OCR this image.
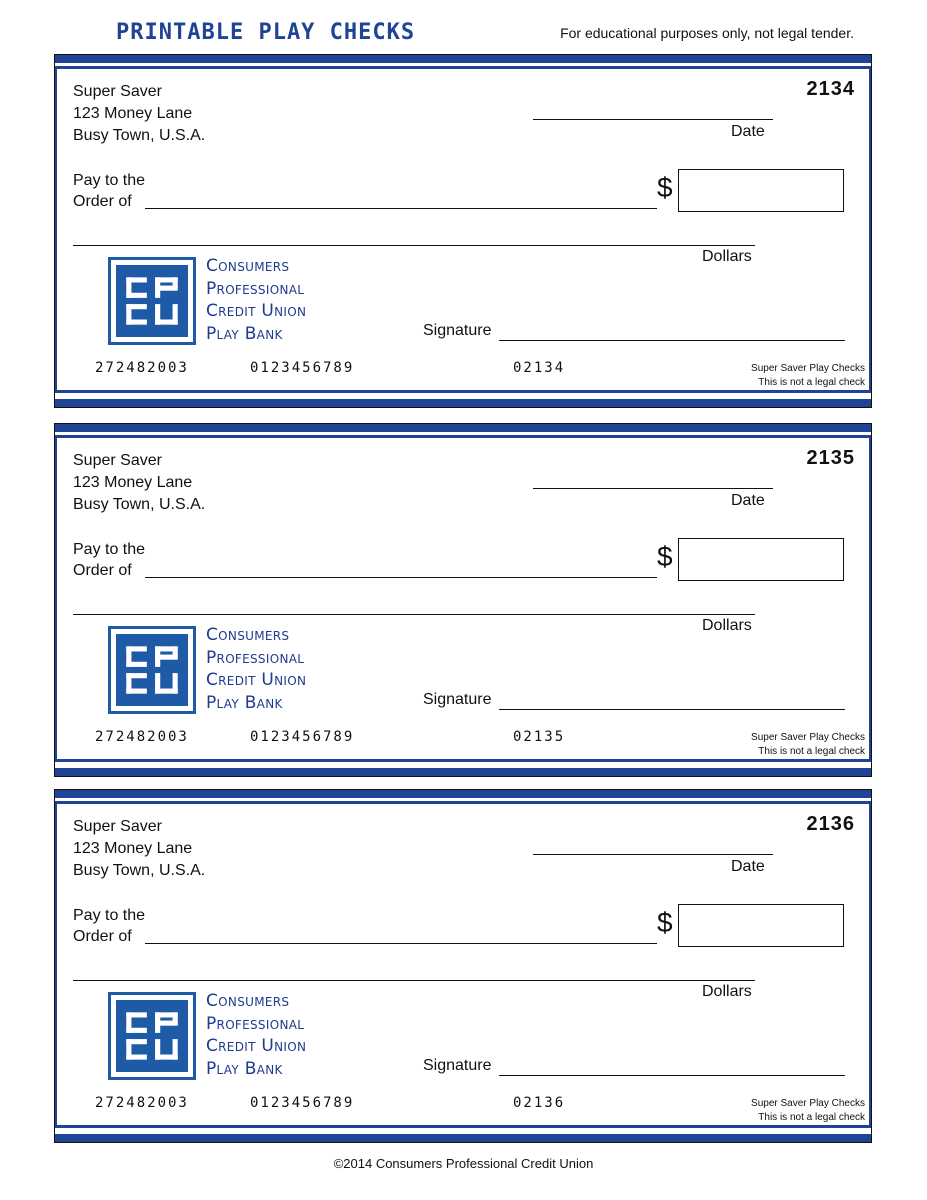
PRINTABLE PLAY CHECKS	For educational purposes only, not legal tender.
Super Saver
123 Money Lane
Busy Town, U.S.A.
2134
Date
Pay to the
Order of	$
Dollars
Consumers
Professional
Credit Union
Play Bank	Signature
272482003	0123456789	02134	Super Saver Play Checks
This is not a legal check
Super Saver
123 Money Lane
Busy Town, U.S.A.
2135
Date
Pay to the
Order of	$
Dollars
Consumers
Professional
Credit Union
Play Bank	Signature
272482003	0123456789	02135	Super Saver Play Checks
This is not a legal check
Super Saver
123 Money Lane
Busy Town, U.S.A.
2136
Date
Pay to the
Order of	$
Dollars
Consumers
Professional
Credit Union
Play Bank	Signature
272482003	0123456789	02136	Super Saver Play Checks
This is not a legal check
©2014 Consumers Professional Credit Union
